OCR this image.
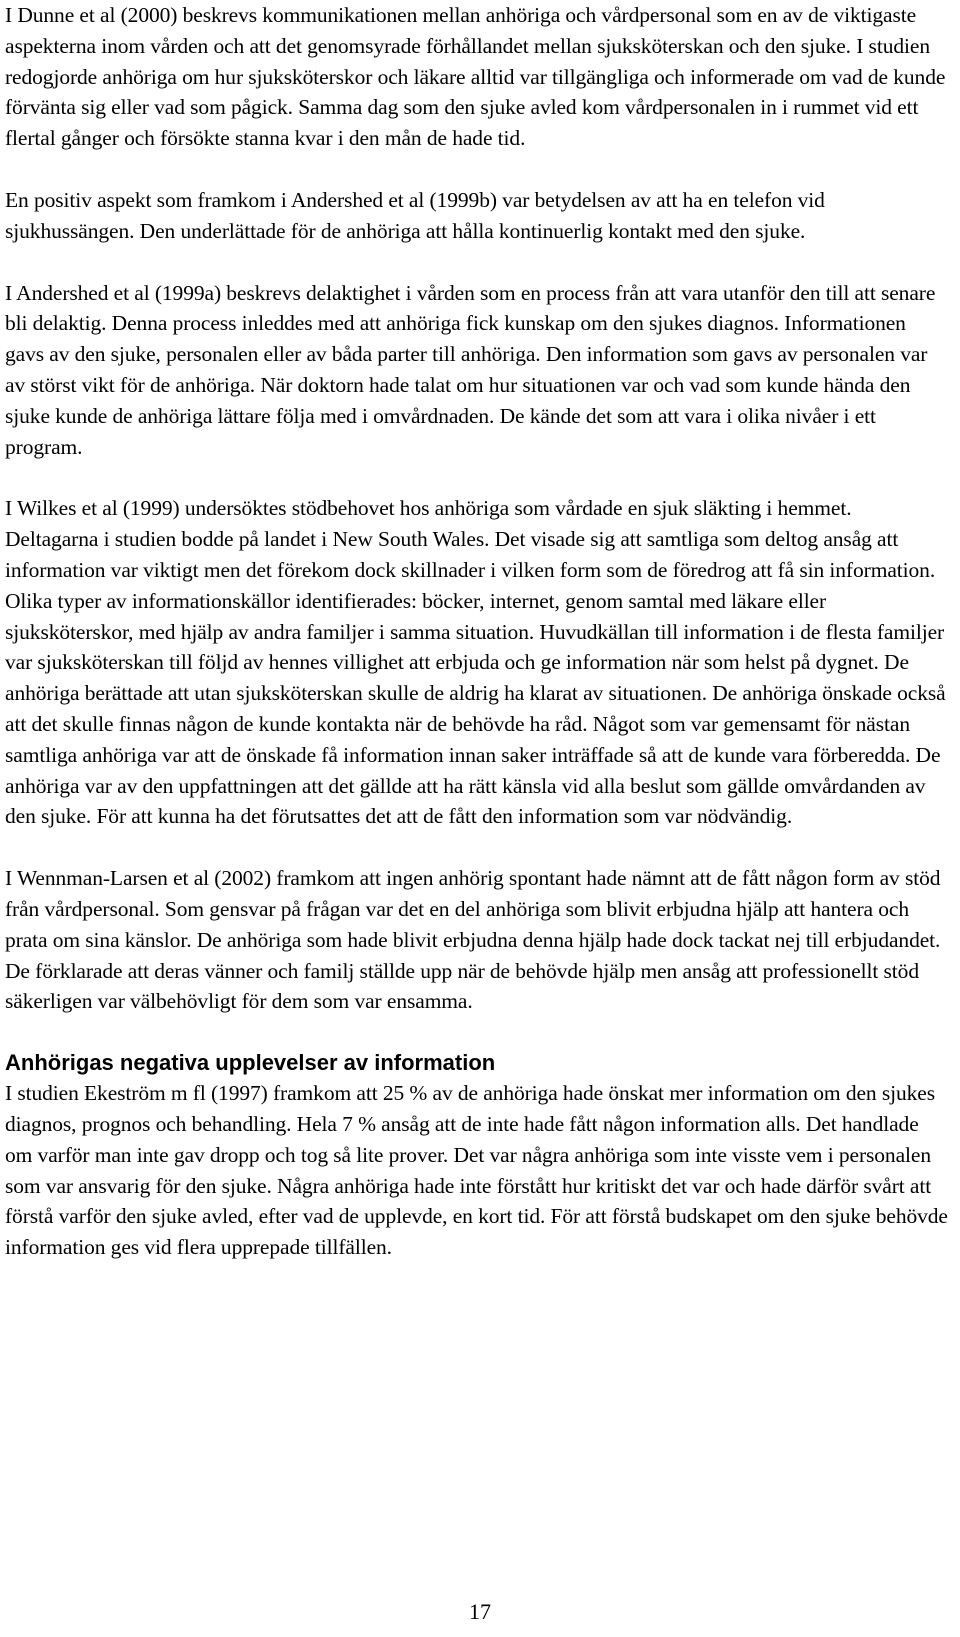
I Dunne et al (2000) beskrevs kommunikationen mellan anhöriga och vårdpersonal som en av de viktigaste aspekterna inom vården och att det genomsyrade förhållandet mellan sjuksköterskan och den sjuke. I studien redogjorde anhöriga om hur sjuksköterskor och läkare alltid var tillgängliga och informerade om vad de kunde förvänta sig eller vad som pågick. Samma dag som den sjuke avled kom vårdpersonalen in i rummet vid ett flertal gånger och försökte stanna kvar i den mån de hade tid.

En positiv aspekt som framkom i Andershed et al (1999b) var betydelsen av att ha en telefon vid sjukhussängen. Den underlättade för de anhöriga att hålla kontinuerlig kontakt med den sjuke.

I Andershed et al (1999a) beskrevs delaktighet i vården som en process från att vara utanför den till att senare bli delaktig. Denna process inleddes med att anhöriga fick kunskap om den sjukes diagnos. Informationen gavs av den sjuke, personalen eller av båda parter till anhöriga. Den information som gavs av personalen var av störst vikt för de anhöriga. När doktorn hade talat om hur situationen var och vad som kunde hända den sjuke kunde de anhöriga lättare följa med i omvårdnaden. De kände det som att vara i olika nivåer i ett program.

I Wilkes et al (1999) undersöktes stödbehovet hos anhöriga som vårdade en sjuk släkting i hemmet. Deltagarna i studien bodde på landet i New South Wales. Det visade sig att samtliga som deltog ansåg att information var viktigt men det förekom dock skillnader i vilken form som de föredrog att få sin information. Olika typer av informationskällor identifierades: böcker, internet, genom samtal med läkare eller sjuksköterskor, med hjälp av andra familjer i samma situation. Huvudkällan till information i de flesta familjer var sjuksköterskan till följd av hennes villighet att erbjuda och ge information när som helst på dygnet. De anhöriga berättade att utan sjuksköterskan skulle de aldrig ha klarat av situationen. De anhöriga önskade också att det skulle finnas någon de kunde kontakta när de behövde ha råd. Något som var gemensamt för nästan samtliga anhöriga var att de önskade få information innan saker inträffade så att de kunde vara förberedda. De anhöriga var av den uppfattningen att det gällde att ha rätt känsla vid alla beslut som gällde omvårdanden av den sjuke. För att kunna ha det förutsattes det att de fått den information som var nödvändig.

I Wennman-Larsen et al (2002) framkom att ingen anhörig spontant hade nämnt att de fått någon form av stöd från vårdpersonal. Som gensvar på frågan var det en del anhöriga som blivit erbjudna hjälp att hantera och prata om sina känslor. De anhöriga som hade blivit erbjudna denna hjälp hade dock tackat nej till erbjudandet. De förklarade att deras vänner och familj ställde upp när de behövde hjälp men ansåg att professionellt stöd säkerligen var välbehövligt för dem som var ensamma.

Anhörigas negativa upplevelser av information

I studien Ekeström m fl (1997) framkom att 25 % av de anhöriga hade önskat mer information om den sjukes diagnos, prognos och behandling. Hela 7 % ansåg att de inte hade fått någon information alls. Det handlade om varför man inte gav dropp och tog så lite prover. Det var några anhöriga som inte visste vem i personalen som var ansvarig för den sjuke. Några anhöriga hade inte förstått hur kritiskt det var och hade därför svårt att förstå varför den sjuke avled, efter vad de upplevde, en kort tid. För att förstå budskapet om den sjuke behövde information ges vid flera upprepade tillfällen.

17
